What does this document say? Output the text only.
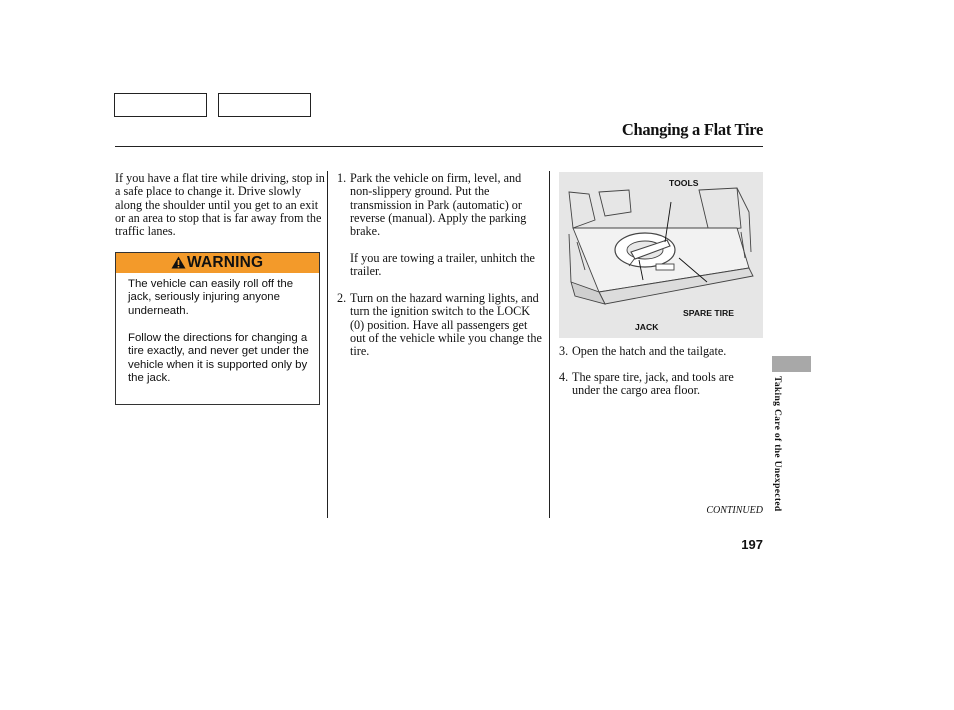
Changing a Flat Tire
If you have a flat tire while driving, stop in a safe place to change it. Drive slowly along the shoulder until you get to an exit or an area to stop that is far away from the traffic lanes.
WARNING
The vehicle can easily roll off the jack, seriously injuring anyone underneath.
Follow the directions for changing a tire exactly, and never get under the vehicle when it is supported only by the jack.
1. Park the vehicle on firm, level, and non-slippery ground. Put the transmission in Park (automatic) or reverse (manual). Apply the parking brake.
If you are towing a trailer, unhitch the trailer.
2. Turn on the hazard warning lights, and turn the ignition switch to the LOCK (0) position. Have all passengers get out of the vehicle while you change the tire.
TOOLS
SPARE TIRE
JACK
3. Open the hatch and the tailgate.
4. The spare tire, jack, and tools are under the cargo area floor.	Taking Care of the Unexpected
CONTINUED
197
